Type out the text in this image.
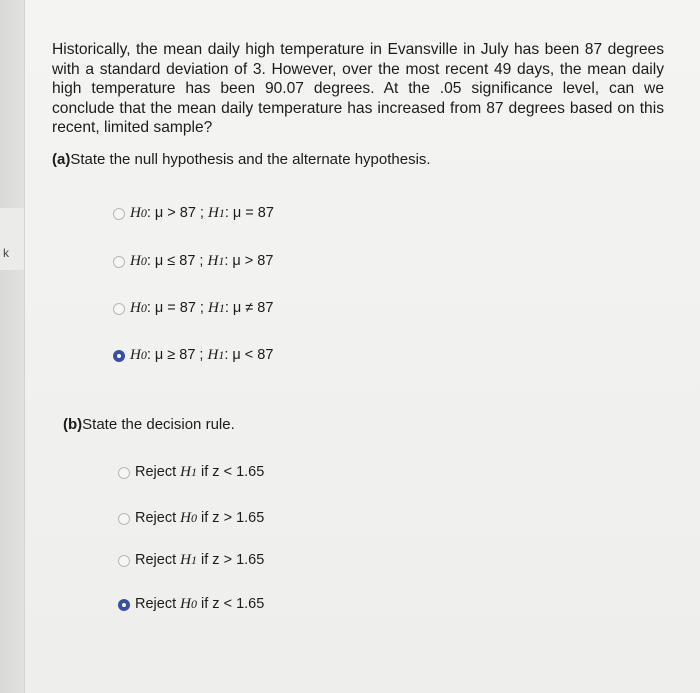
k

Historically, the mean daily high temperature in Evansville in July has been 87 degrees with a standard deviation of 3. However, over the most recent 49 days, the mean daily high temperature has been 90.07 degrees. At the .05 significance level, can we conclude that the mean daily temperature has increased from 87 degrees based on this recent, limited sample?

(a)State the null hypothesis and the alternate hypothesis.
H0: μ > 87 ; H1: μ = 87
H0: μ ≤ 87 ; H1: μ > 87
H0: μ = 87 ; H1: μ ≠ 87
H0: μ ≥ 87 ; H1: μ < 87
(b)State the decision rule.
Reject H1 if z < 1.65
Reject H0 if z > 1.65
Reject H1 if z > 1.65
Reject H0 if z < 1.65
